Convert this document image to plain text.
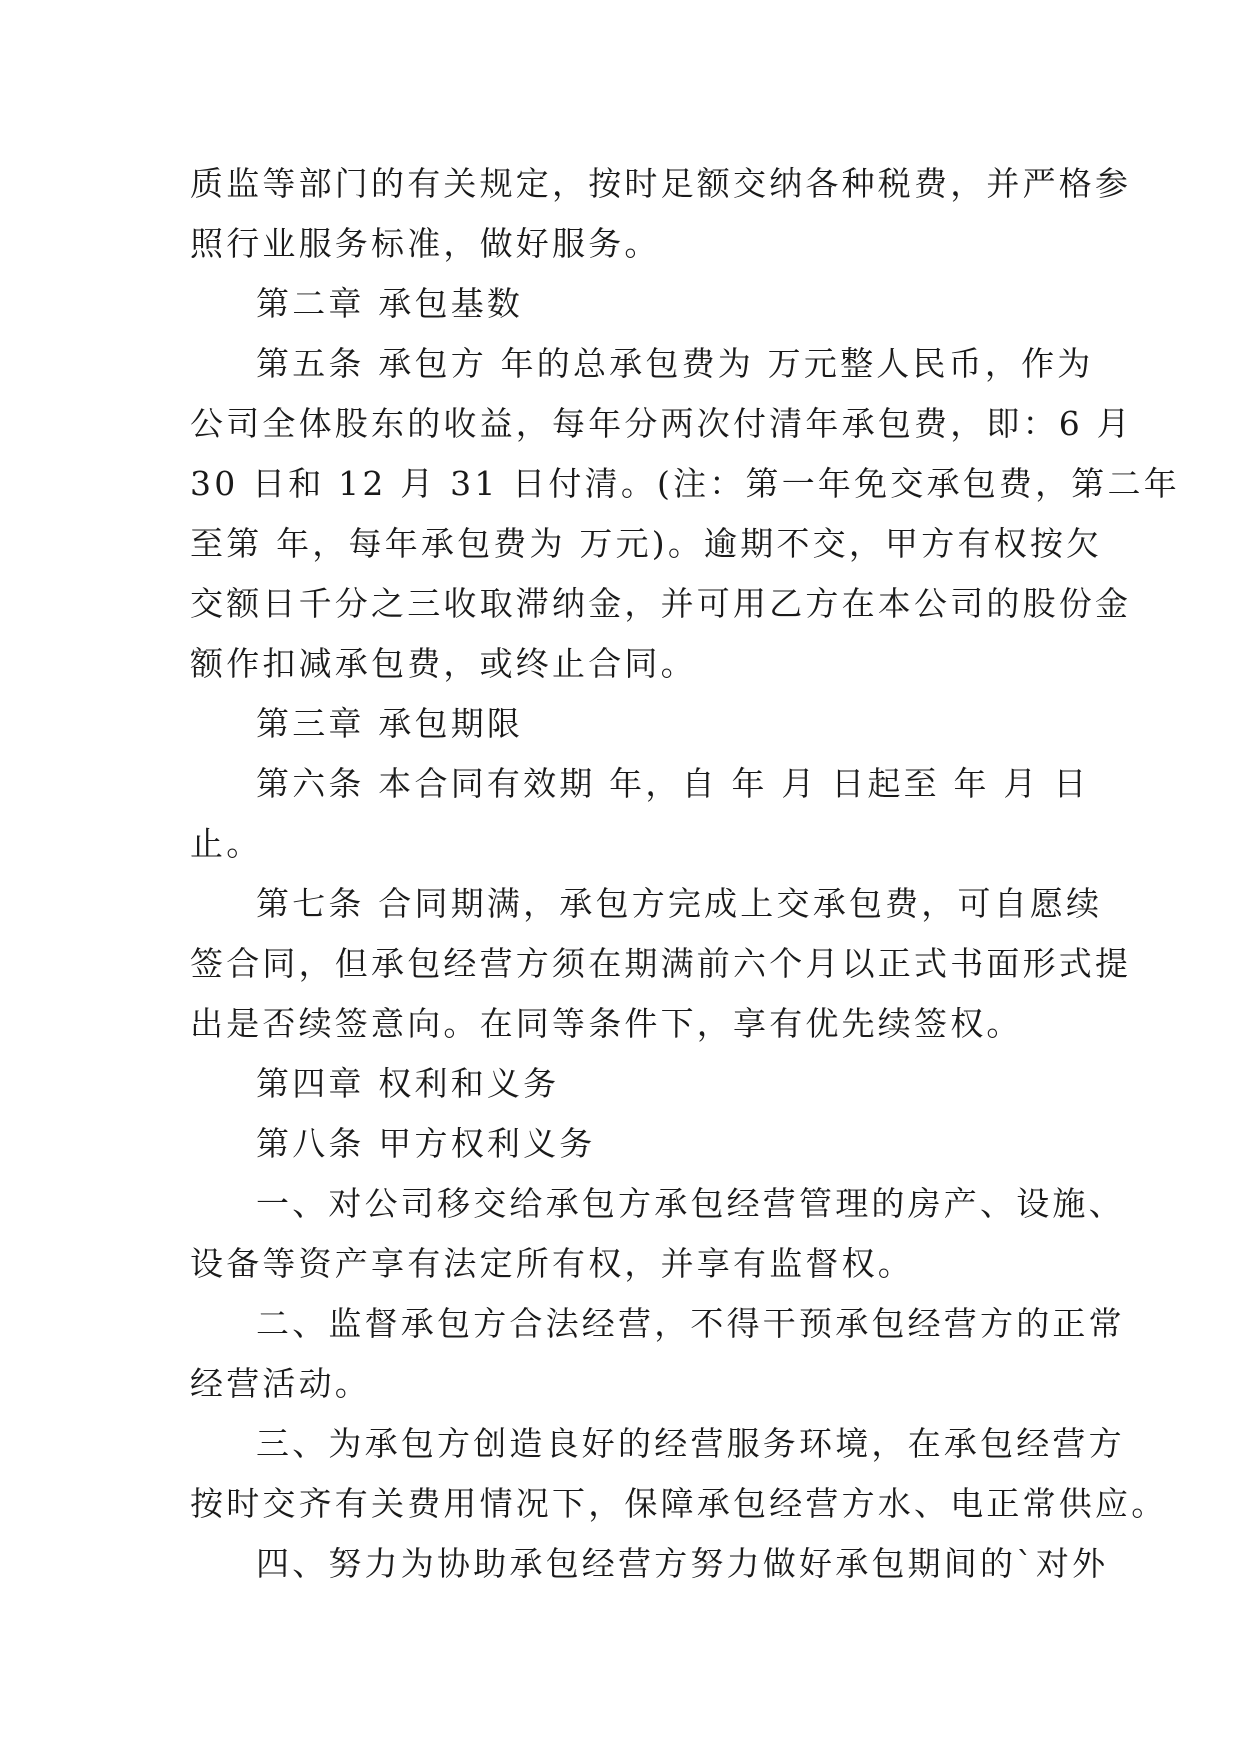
质监等部门的有关规定，按时足额交纳各种税费，并严格参
照行业服务标准，做好服务。
第二章 承包基数
第五条 承包方 年的总承包费为 万元整人民币，作为
公司全体股东的收益，每年分两次付清年承包费，即：6 月
30 日和 12 月 31 日付清。(注：第一年免交承包费，第二年
至第 年，每年承包费为 万元)。逾期不交，甲方有权按欠
交额日千分之三收取滞纳金，并可用乙方在本公司的股份金
额作扣减承包费，或终止合同。
第三章 承包期限
第六条 本合同有效期 年，自 年 月 日起至 年 月 日
止。
第七条 合同期满，承包方完成上交承包费，可自愿续
签合同，但承包经营方须在期满前六个月以正式书面形式提
出是否续签意向。在同等条件下，享有优先续签权。
第四章 权利和义务
第八条 甲方权利义务
一、对公司移交给承包方承包经营管理的房产、设施、
设备等资产享有法定所有权，并享有监督权。
二、监督承包方合法经营，不得干预承包经营方的正常
经营活动。
三、为承包方创造良好的经营服务环境，在承包经营方
按时交齐有关费用情况下，保障承包经营方水、电正常供应。
四、努力为协助承包经营方努力做好承包期间的`对外
